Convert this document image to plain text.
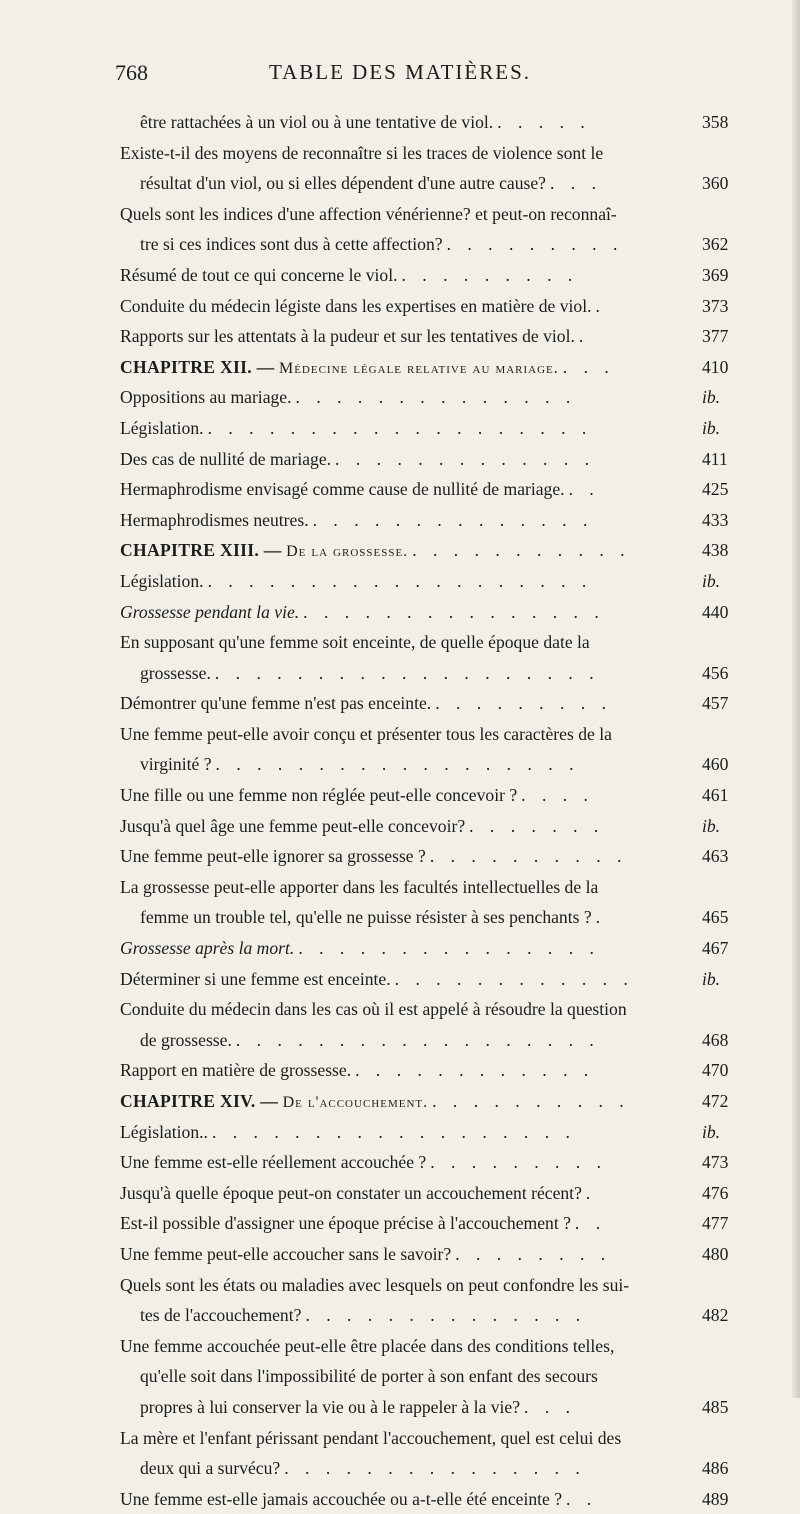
768	TABLE DES MATIÈRES.
être rattachées à un viol ou à une tentative de viol. . . . . .	358
Existe-t-il des moyens de reconnaître si les traces de violence sont le
résultat d'un viol, ou si elles dépendent d'une autre cause? . . .	360
Quels sont les indices d'une affection vénérienne? et peut-on reconnaî-
tre si ces indices sont dus à cette affection? . . . . . . . . .	362
Résumé de tout ce qui concerne le viol. . . . . . . . . .	369
Conduite du médecin légiste dans les expertises en matière de viol. .	373
Rapports sur les attentats à la pudeur et sur les tentatives de viol. .	377
CHAPITRE XII. — Médecine légale relative au mariage. . . .	410
Oppositions au mariage. . . . . . . . . . . . . . .	ib.
Législation. . . . . . . . . . . . . . . . . . . .	ib.
Des cas de nullité de mariage. . . . . . . . . . . . . .	411
Hermaphrodisme envisagé comme cause de nullité de mariage. . .	425
Hermaphrodismes neutres. . . . . . . . . . . . . . .	433
CHAPITRE XIII. — De la grossesse. . . . . . . . . . . .	438
Législation. . . . . . . . . . . . . . . . . . . .	ib.
Grossesse pendant la vie. . . . . . . . . . . . . . . .	440
En supposant qu'une femme soit enceinte, de quelle époque date la
grossesse. . . . . . . . . . . . . . . . . . . .	456
Démontrer qu'une femme n'est pas enceinte. . . . . . . . . .	457
Une femme peut-elle avoir conçu et présenter tous les caractères de la
virginité ? . . . . . . . . . . . . . . . . . .	460
Une fille ou une femme non réglée peut-elle concevoir ? . . . .	461
Jusqu'à quel âge une femme peut-elle concevoir? . . . . . . .	ib.
Une femme peut-elle ignorer sa grossesse ? . . . . . . . . . .	463
La grossesse peut-elle apporter dans les facultés intellectuelles de la
femme un trouble tel, qu'elle ne puisse résister à ses penchants ? .	465
Grossesse après la mort. . . . . . . . . . . . . . . .	467
Déterminer si une femme est enceinte. . . . . . . . . . . . .	ib.
Conduite du médecin dans les cas où il est appelé à résoudre la question
de grossesse. . . . . . . . . . . . . . . . . . .	468
Rapport en matière de grossesse. . . . . . . . . . . . .	470
CHAPITRE XIV. — De l'accouchement. . . . . . . . . . .	472
Législation.. . . . . . . . . . . . . . . . . . .	ib.
Une femme est-elle réellement accouchée ? . . . . . . . . .	473
Jusqu'à quelle époque peut-on constater un accouchement récent? .	476
Est-il possible d'assigner une époque précise à l'accouchement ? . .	477
Une femme peut-elle accoucher sans le savoir? . . . . . . . .	480
Quels sont les états ou maladies avec lesquels on peut confondre les sui-
tes de l'accouchement? . . . . . . . . . . . . . .	482
Une femme accouchée peut-elle être placée dans des conditions telles,
qu'elle soit dans l'impossibilité de porter à son enfant des secours
propres à lui conserver la vie ou à le rappeler à la vie? . . .	485
La mère et l'enfant périssant pendant l'accouchement, quel est celui des
deux qui a survécu? . . . . . . . . . . . . . . .	486
Une femme est-elle jamais accouchée ou a-t-elle été enceinte ? . .	489
